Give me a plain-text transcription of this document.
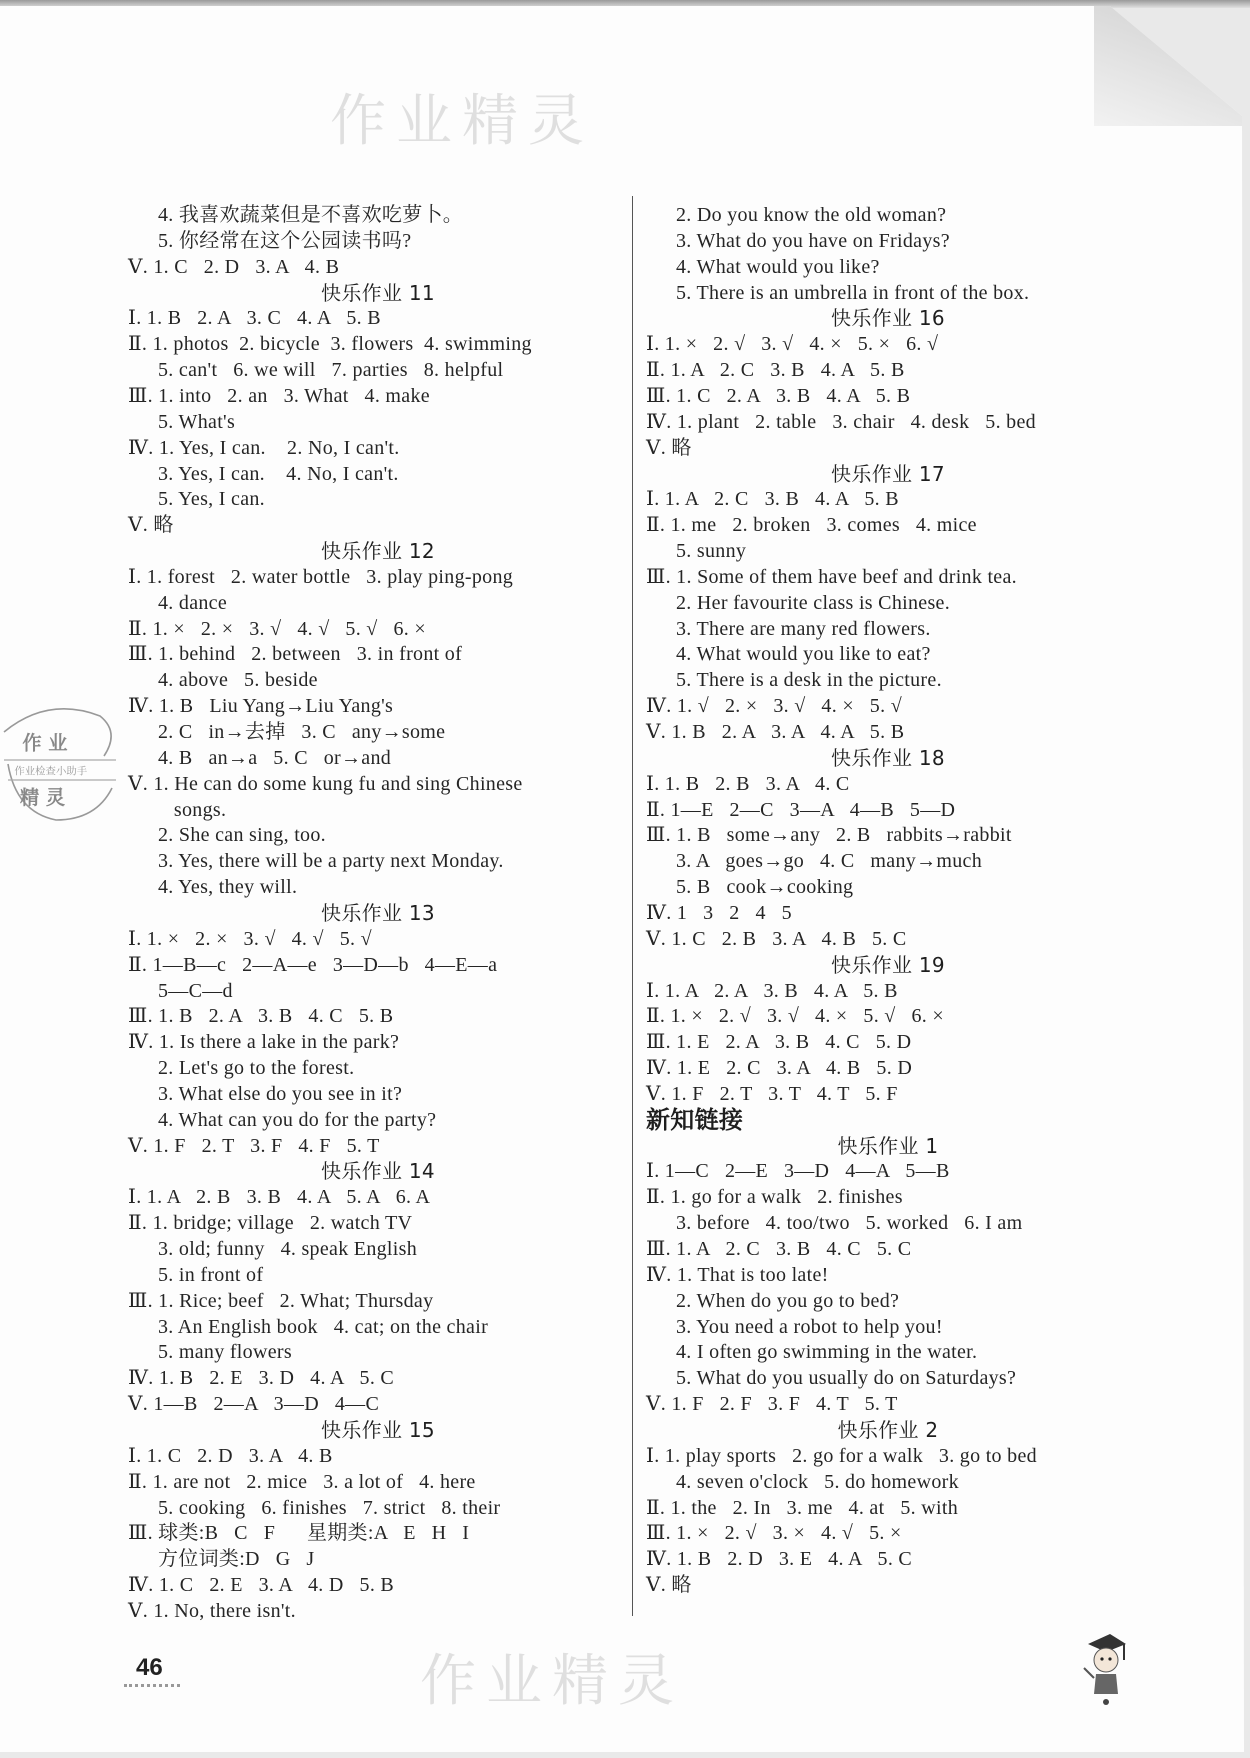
作业精灵
作业精灵
作 业
作业检查小助手
精 灵
4. 我喜欢蔬菜但是不喜欢吃萝卜。
5. 你经常在这个公园读书吗?
Ⅴ. 1. C   2. D   3. A   4. B
快乐作业 11
Ⅰ. 1. B   2. A   3. C   4. A   5. B
Ⅱ. 1. photos  2. bicycle  3. flowers  4. swimming
5. can't   6. we will   7. parties   8. helpful
Ⅲ. 1. into   2. an   3. What   4. make
5. What's
Ⅳ. 1. Yes, I can.    2. No, I can't.
3. Yes, I can.    4. No, I can't.
5. Yes, I can.
Ⅴ. 略
快乐作业 12
Ⅰ. 1. forest   2. water bottle   3. play ping-pong
4. dance
Ⅱ. 1. ×   2. ×   3. √   4. √   5. √   6. ×
Ⅲ. 1. behind   2. between   3. in front of
4. above   5. beside
Ⅳ. 1. B   Liu Yang→Liu Yang's
2. C   in→去掉   3. C   any→some
4. B   an→a   5. C   or→and
Ⅴ. 1. He can do some kung fu and sing Chinese
songs.
2. She can sing, too.
3. Yes, there will be a party next Monday.
4. Yes, they will.
快乐作业 13
Ⅰ. 1. ×   2. ×   3. √   4. √   5. √
Ⅱ. 1—B—c   2—A—e   3—D—b   4—E—a
5—C—d
Ⅲ. 1. B   2. A   3. B   4. C   5. B
Ⅳ. 1. Is there a lake in the park?
2. Let's go to the forest.
3. What else do you see in it?
4. What can you do for the party?
Ⅴ. 1. F   2. T   3. F   4. F   5. T
快乐作业 14
Ⅰ. 1. A   2. B   3. B   4. A   5. A   6. A
Ⅱ. 1. bridge; village   2. watch TV
3. old; funny   4. speak English
5. in front of
Ⅲ. 1. Rice; beef   2. What; Thursday
3. An English book   4. cat; on the chair
5. many flowers
Ⅳ. 1. B   2. E   3. D   4. A   5. C
Ⅴ. 1—B   2—A   3—D   4—C
快乐作业 15
Ⅰ. 1. C   2. D   3. A   4. B
Ⅱ. 1. are not   2. mice   3. a lot of   4. here
5. cooking   6. finishes   7. strict   8. their
Ⅲ. 球类:B   C   F      星期类:A   E   H   I
方位词类:D   G   J
Ⅳ. 1. C   2. E   3. A   4. D   5. B
Ⅴ. 1. No, there isn't.
2. Do you know the old woman?
3. What do you have on Fridays?
4. What would you like?
5. There is an umbrella in front of the box.
快乐作业 16
Ⅰ. 1. ×   2. √   3. √   4. ×   5. ×   6. √
Ⅱ. 1. A   2. C   3. B   4. A   5. B
Ⅲ. 1. C   2. A   3. B   4. A   5. B
Ⅳ. 1. plant   2. table   3. chair   4. desk   5. bed
Ⅴ. 略
快乐作业 17
Ⅰ. 1. A   2. C   3. B   4. A   5. B
Ⅱ. 1. me   2. broken   3. comes   4. mice
5. sunny
Ⅲ. 1. Some of them have beef and drink tea.
2. Her favourite class is Chinese.
3. There are many red flowers.
4. What would you like to eat?
5. There is a desk in the picture.
Ⅳ. 1. √   2. ×   3. √   4. ×   5. √
Ⅴ. 1. B   2. A   3. A   4. A   5. B
快乐作业 18
Ⅰ. 1. B   2. B   3. A   4. C
Ⅱ. 1—E   2—C   3—A   4—B   5—D
Ⅲ. 1. B   some→any   2. B   rabbits→rabbit
3. A   goes→go   4. C   many→much
5. B   cook→cooking
Ⅳ. 1   3   2   4   5
Ⅴ. 1. C   2. B   3. A   4. B   5. C
快乐作业 19
Ⅰ. 1. A   2. A   3. B   4. A   5. B
Ⅱ. 1. ×   2. √   3. √   4. ×   5. √   6. ×
Ⅲ. 1. E   2. A   3. B   4. C   5. D
Ⅳ. 1. E   2. C   3. A   4. B   5. D
Ⅴ. 1. F   2. T   3. T   4. T   5. F
新知链接
快乐作业 1
Ⅰ. 1—C   2—E   3—D   4—A   5—B
Ⅱ. 1. go for a walk   2. finishes
3. before   4. too/two   5. worked   6. I am
Ⅲ. 1. A   2. C   3. B   4. C   5. C
Ⅳ. 1. That is too late!
2. When do you go to bed?
3. You need a robot to help you!
4. I often go swimming in the water.
5. What do you usually do on Saturdays?
Ⅴ. 1. F   2. F   3. F   4. T   5. T
快乐作业 2
Ⅰ. 1. play sports   2. go for a walk   3. go to bed
4. seven o'clock   5. do homework
Ⅱ. 1. the   2. In   3. me   4. at   5. with
Ⅲ. 1. ×   2. √   3. ×   4. √   5. ×
Ⅳ. 1. B   2. D   3. E   4. A   5. C
Ⅴ. 略
46
